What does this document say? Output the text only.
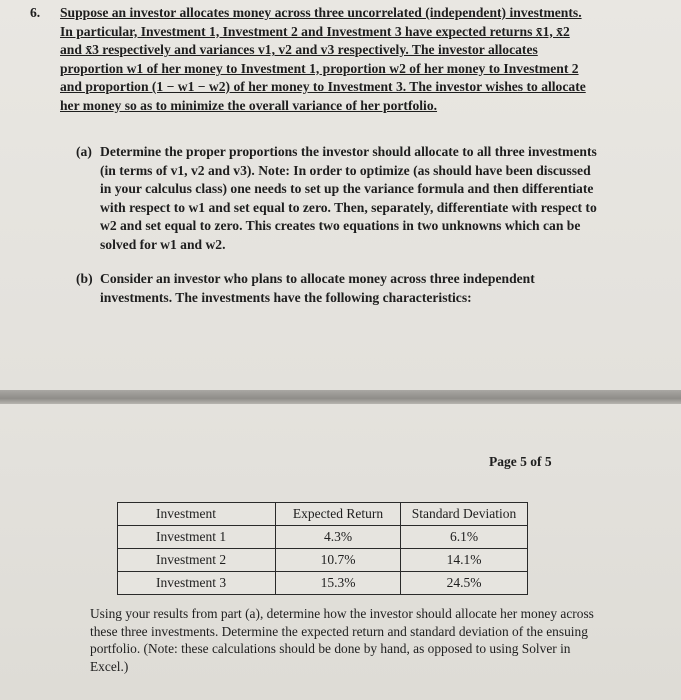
6. Suppose an investor allocates money across three uncorrelated (independent) investments. In particular, Investment 1, Investment 2 and Investment 3 have expected returns x̄1, x̄2 and x̄3 respectively and variances v1, v2 and v3 respectively. The investor allocates proportion w1 of her money to Investment 1, proportion w2 of her money to Investment 2 and proportion (1 − w1 − w2) of her money to Investment 3. The investor wishes to allocate her money so as to minimize the overall variance of her portfolio.

(a) Determine the proper proportions the investor should allocate to all three investments (in terms of v1, v2 and v3). Note: In order to optimize (as should have been discussed in your calculus class) one needs to set up the variance formula and then differentiate with respect to w1 and set equal to zero. Then, separately, differentiate with respect to w2 and set equal to zero. This creates two equations in two unknowns which can be solved for w1 and w2.

(b) Consider an investor who plans to allocate money across three independent investments. The investments have the following characteristics:

Page 5 of 5
Investment	Expected Return	Standard Deviation
Investment 1	4.3%	6.1%
Investment 2	10.7%	14.1%
Investment 3	15.3%	24.5%

Using your results from part (a), determine how the investor should allocate her money across these three investments. Determine the expected return and standard deviation of the ensuing portfolio. (Note: these calculations should be done by hand, as opposed to using Solver in Excel.)
